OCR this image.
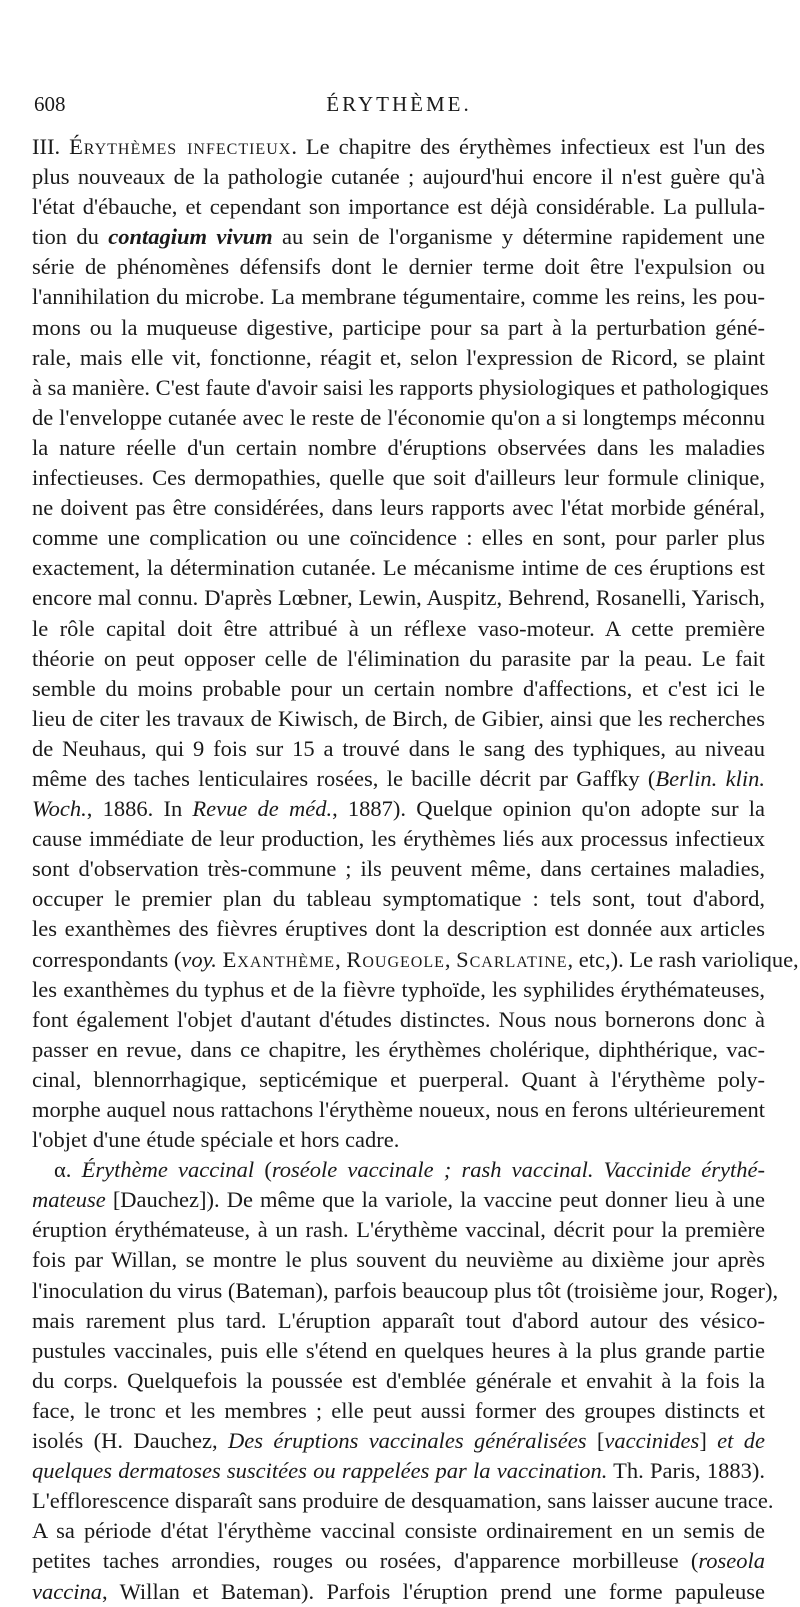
608	ÉRYTHÈME.
III. Érythèmes infectieux. Le chapitre des érythèmes infectieux est l'un des
plus nouveaux de la pathologie cutanée ; aujourd'hui encore il n'est guère qu'à
l'état d'ébauche, et cependant son importance est déjà considérable. La pullula-
tion du contagium vivum au sein de l'organisme y détermine rapidement une
série de phénomènes défensifs dont le dernier terme doit être l'expulsion ou
l'annihilation du microbe. La membrane tégumentaire, comme les reins, les pou-
mons ou la muqueuse digestive, participe pour sa part à la perturbation géné-
rale, mais elle vit, fonctionne, réagit et, selon l'expression de Ricord, se plaint
à sa manière. C'est faute d'avoir saisi les rapports physiologiques et pathologiques
de l'enveloppe cutanée avec le reste de l'économie qu'on a si longtemps méconnu
la nature réelle d'un certain nombre d'éruptions observées dans les maladies
infectieuses. Ces dermopathies, quelle que soit d'ailleurs leur formule clinique,
ne doivent pas être considérées, dans leurs rapports avec l'état morbide général,
comme une complication ou une coïncidence : elles en sont, pour parler plus
exactement, la détermination cutanée. Le mécanisme intime de ces éruptions est
encore mal connu. D'après Lœbner, Lewin, Auspitz, Behrend, Rosanelli, Yarisch,
le rôle capital doit être attribué à un réflexe vaso-moteur. A cette première
théorie on peut opposer celle de l'élimination du parasite par la peau. Le fait
semble du moins probable pour un certain nombre d'affections, et c'est ici le
lieu de citer les travaux de Kiwisch, de Birch, de Gibier, ainsi que les recherches
de Neuhaus, qui 9 fois sur 15 a trouvé dans le sang des typhiques, au niveau
même des taches lenticulaires rosées, le bacille décrit par Gaffky (Berlin. klin.
Woch., 1886. In Revue de méd., 1887). Quelque opinion qu'on adopte sur la
cause immédiate de leur production, les érythèmes liés aux processus infectieux
sont d'observation très-commune ; ils peuvent même, dans certaines maladies,
occuper le premier plan du tableau symptomatique : tels sont, tout d'abord,
les exanthèmes des fièvres éruptives dont la description est donnée aux articles
correspondants (voy. Exanthème, Rougeole, Scarlatine, etc,). Le rash variolique,
les exanthèmes du typhus et de la fièvre typhoïde, les syphilides érythémateuses,
font également l'objet d'autant d'études distinctes. Nous nous bornerons donc à
passer en revue, dans ce chapitre, les érythèmes cholérique, diphthérique, vac-
cinal, blennorrhagique, septicémique et puerperal. Quant à l'érythème poly-
morphe auquel nous rattachons l'érythème noueux, nous en ferons ultérieurement
l'objet d'une étude spéciale et hors cadre.
α. Érythème vaccinal (roséole vaccinale ; rash vaccinal. Vaccinide érythé-
mateuse [Dauchez]). De même que la variole, la vaccine peut donner lieu à une
éruption érythémateuse, à un rash. L'érythème vaccinal, décrit pour la première
fois par Willan, se montre le plus souvent du neuvième au dixième jour après
l'inoculation du virus (Bateman), parfois beaucoup plus tôt (troisième jour, Roger),
mais rarement plus tard. L'éruption apparaît tout d'abord autour des vésico-
pustules vaccinales, puis elle s'étend en quelques heures à la plus grande partie
du corps. Quelquefois la poussée est d'emblée générale et envahit à la fois la
face, le tronc et les membres ; elle peut aussi former des groupes distincts et
isolés (H. Dauchez, Des éruptions vaccinales généralisées [vaccinides] et de
quelques dermatoses suscitées ou rappelées par la vaccination. Th. Paris, 1883).
L'efflorescence disparaît sans produire de desquamation, sans laisser aucune trace.
A sa période d'état l'érythème vaccinal consiste ordinairement en un semis de
petites taches arrondies, rouges ou rosées, d'apparence morbilleuse (roseola
vaccina, Willan et Bateman). Parfois l'éruption prend une forme papuleuse
